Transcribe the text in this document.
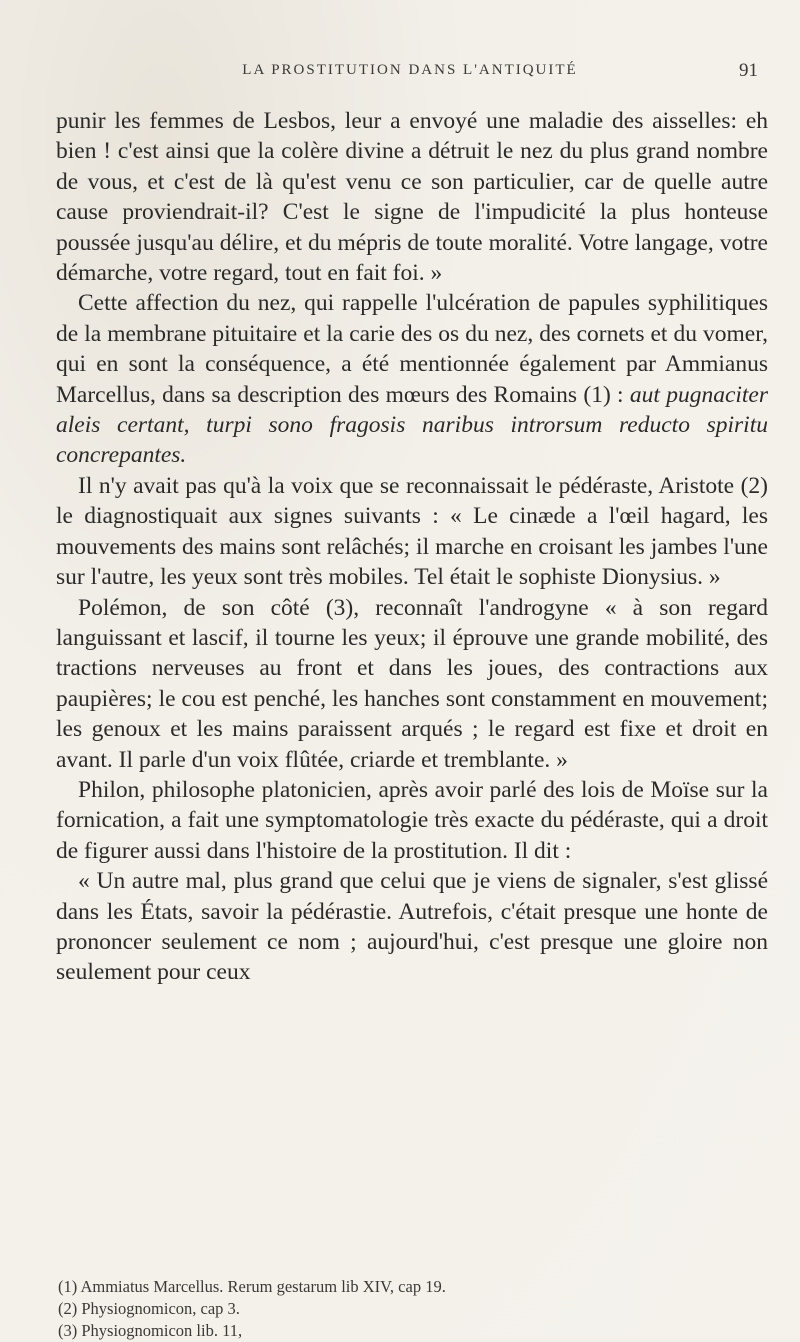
LA PROSTITUTION DANS L'ANTIQUITÉ	91

punir les femmes de Lesbos, leur a envoyé une maladie des aisselles: eh bien ! c'est ainsi que la colère divine a détruit le nez du plus grand nombre de vous, et c'est de là qu'est venu ce son particulier, car de quelle autre cause proviendrait-il? C'est le signe de l'impudicité la plus honteuse poussée jusqu'au délire, et du mépris de toute moralité. Votre langage, votre démarche, votre regard, tout en fait foi. »

Cette affection du nez, qui rappelle l'ulcération de papules syphilitiques de la membrane pituitaire et la carie des os du nez, des cornets et du vomer, qui en sont la conséquence, a été mentionnée également par Ammianus Marcellus, dans sa description des mœurs des Romains (1) : aut pugnaciter aleis certant, turpi sono fragosis naribus introrsum reducto spiritu concrepantes.

Il n'y avait pas qu'à la voix que se reconnaissait le pédéraste, Aristote (2) le diagnostiquait aux signes suivants : « Le cinæde a l'œil hagard, les mouvements des mains sont relâchés; il marche en croisant les jambes l'une sur l'autre, les yeux sont très mobiles. Tel était le sophiste Dionysius. »

Polémon, de son côté (3), reconnaît l'androgyne « à son regard languissant et lascif, il tourne les yeux; il éprouve une grande mobilité, des tractions nerveuses au front et dans les joues, des contractions aux paupières; le cou est penché, les hanches sont constamment en mouvement; les genoux et les mains paraissent arqués ; le regard est fixe et droit en avant. Il parle d'un voix flûtée, criarde et tremblante. »

Philon, philosophe platonicien, après avoir parlé des lois de Moïse sur la fornication, a fait une symptomatologie très exacte du pédéraste, qui a droit de figurer aussi dans l'histoire de la prostitution. Il dit :

« Un autre mal, plus grand que celui que je viens de signaler, s'est glissé dans les États, savoir la pédérastie. Autrefois, c'était presque une honte de prononcer seulement ce nom ; aujourd'hui, c'est presque une gloire non seulement pour ceux

(1) Ammiatus Marcellus. Rerum gestarum lib XIV, cap 19.
(2) Physiognomicon, cap 3.
(3) Physiognomicon lib. 11,
